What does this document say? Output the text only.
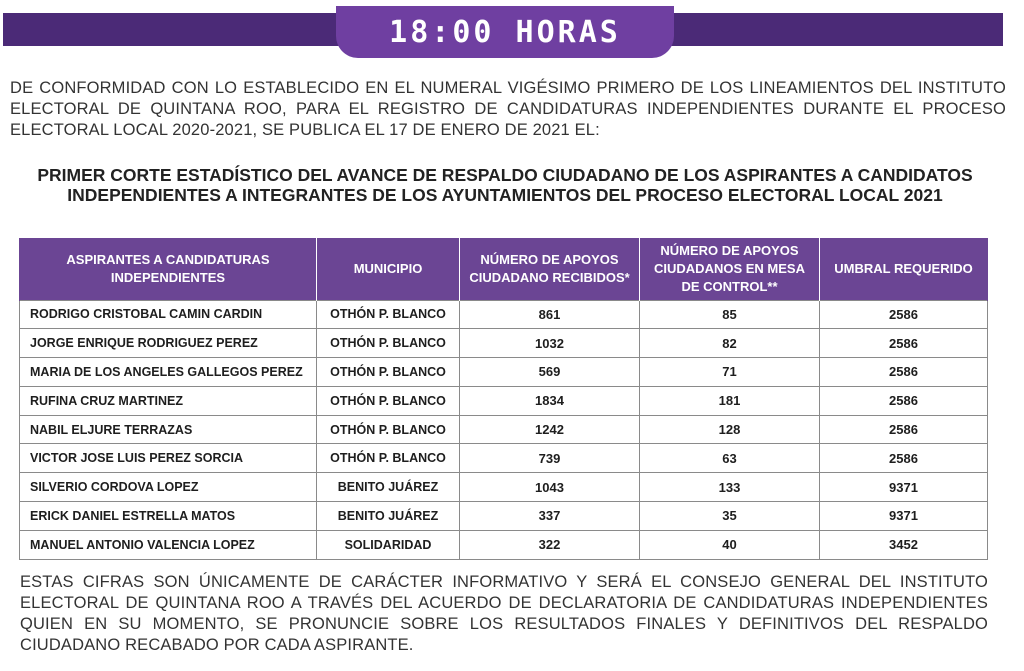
18:00 HORAS

DE CONFORMIDAD CON LO ESTABLECIDO EN EL NUMERAL VIGÉSIMO PRIMERO DE LOS LINEAMIENTOS DEL INSTITUTO ELECTORAL DE QUINTANA ROO, PARA EL REGISTRO DE CANDIDATURAS INDEPENDIENTES DURANTE EL PROCESO ELECTORAL LOCAL 2020-2021, SE PUBLICA EL 17 DE ENERO DE 2021 EL:

PRIMER CORTE ESTADÍSTICO DEL AVANCE DE RESPALDO CIUDADANO DE LOS ASPIRANTES A CANDIDATOS INDEPENDIENTES A INTEGRANTES DE LOS AYUNTAMIENTOS DEL PROCESO ELECTORAL LOCAL 2021
ASPIRANTES A CANDIDATURAS INDEPENDIENTES	MUNICIPIO	NÚMERO DE APOYOS CIUDADANO RECIBIDOS*	NÚMERO DE APOYOS CIUDADANOS EN MESA DE CONTROL**	UMBRAL REQUERIDO
RODRIGO CRISTOBAL CAMIN CARDIN	OTHÓN P. BLANCO	861	85	2586
JORGE ENRIQUE RODRIGUEZ PEREZ	OTHÓN P. BLANCO	1032	82	2586
MARIA DE LOS ANGELES GALLEGOS PEREZ	OTHÓN P. BLANCO	569	71	2586
RUFINA CRUZ MARTINEZ	OTHÓN P. BLANCO	1834	181	2586
NABIL ELJURE TERRAZAS	OTHÓN P. BLANCO	1242	128	2586
VICTOR JOSE LUIS PEREZ SORCIA	OTHÓN P. BLANCO	739	63	2586
SILVERIO CORDOVA LOPEZ	BENITO JUÁREZ	1043	133	9371
ERICK DANIEL ESTRELLA MATOS	BENITO JUÁREZ	337	35	9371
MANUEL ANTONIO VALENCIA LOPEZ	SOLIDARIDAD	322	40	3452

ESTAS CIFRAS SON ÚNICAMENTE DE CARÁCTER INFORMATIVO Y SERÁ EL CONSEJO GENERAL DEL INSTITUTO ELECTORAL DE QUINTANA ROO A TRAVÉS DEL ACUERDO DE DECLARATORIA DE CANDIDATURAS INDEPENDIENTES QUIEN EN SU MOMENTO, SE PRONUNCIE SOBRE LOS RESULTADOS FINALES Y DEFINITIVOS DEL RESPALDO CIUDADANO RECABADO POR CADA ASPIRANTE.
